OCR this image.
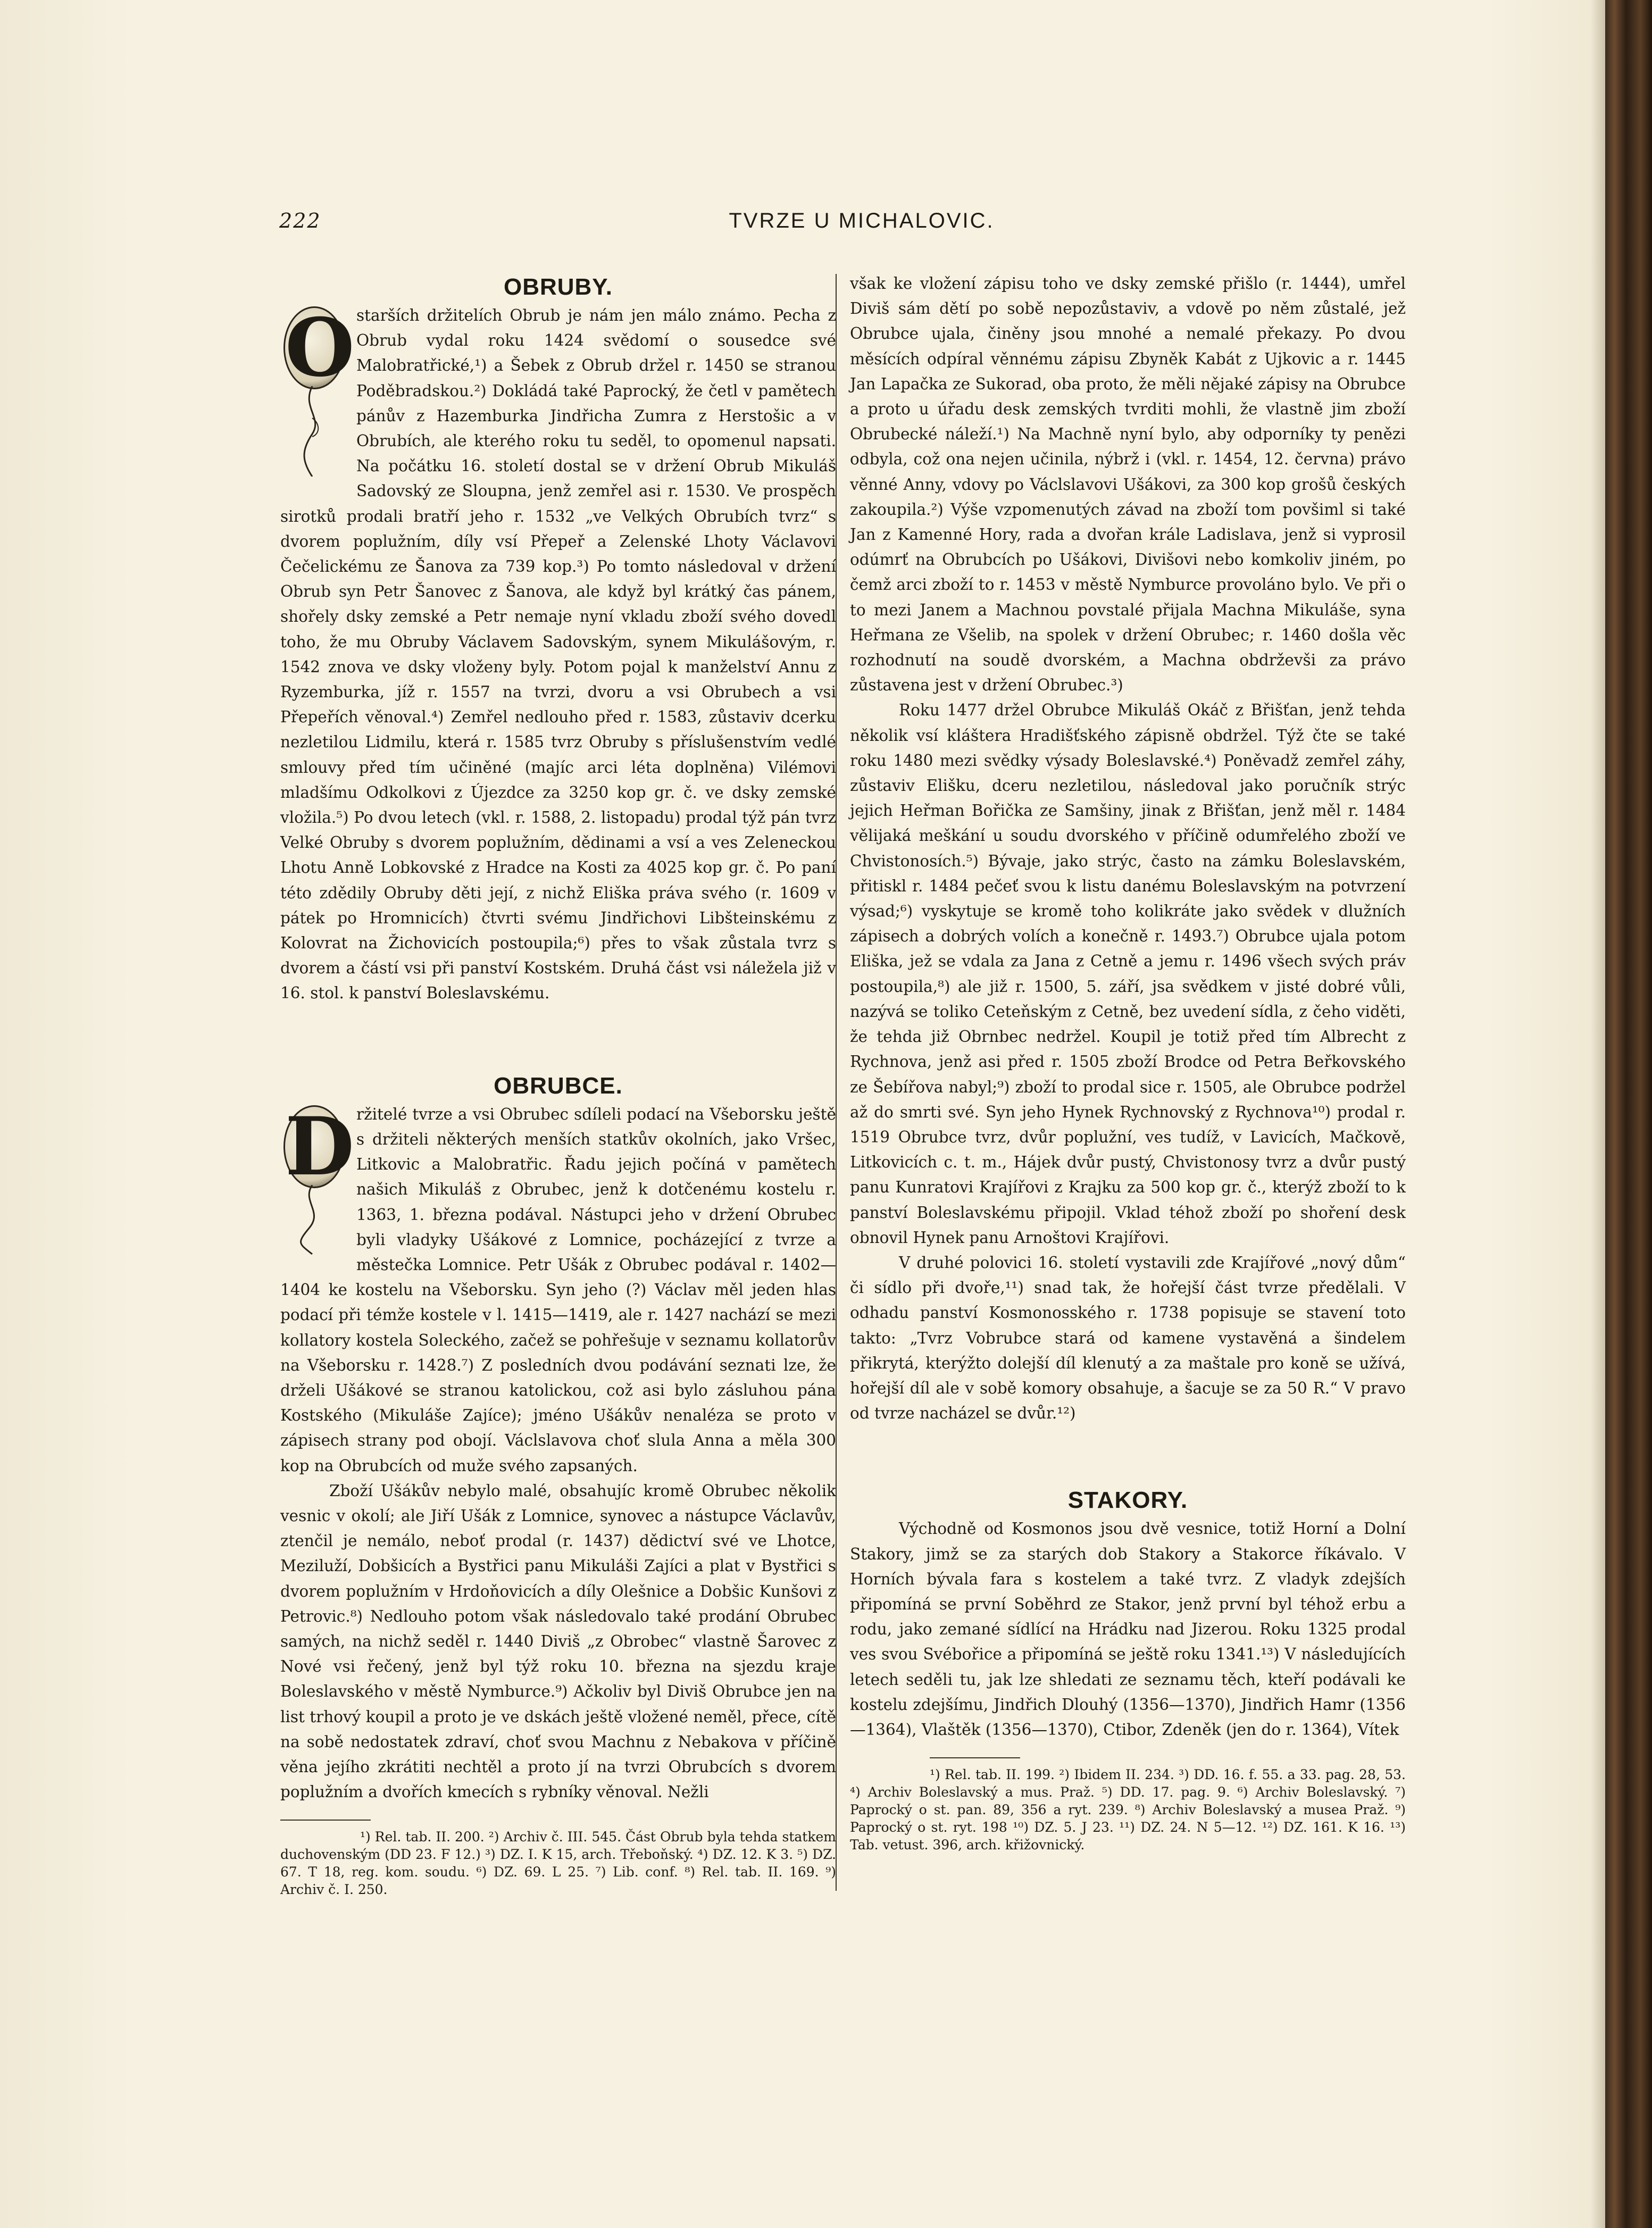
222	TVRZE U MICHALOVIC.
OBRUBY.

O starších držitelích Obrub je nám jen málo známo. Pecha z Obrub vydal roku 1424 svědomí o sousedce své Malobratřické,¹) a Šebek z Obrub držel r. 1450 se stranou Poděbradskou.²) Dokládá také Paprocký, že četl v pamětech pánův z Hazemburka Jindřicha Zumra z Herstošic a v Obrubích, ale kterého roku tu seděl, to opomenul napsati. Na počátku 16. století dostal se v držení Obrub Mikuláš Sadovský ze Sloupna, jenž zemřel asi r. 1530. Ve prospěch sirotků prodali bratří jeho r. 1532 „ve Velkých Obrubích tvrz“ s dvorem poplužním, díly vsí Přepeř a Zelenské Lhoty Václavovi Čečelickému ze Šanova za 739 kop.³) Po tomto následoval v držení Obrub syn Petr Šanovec z Šanova, ale když byl krátký čas pánem, shořely dsky zemské a Petr nemaje nyní vkladu zboží svého dovedl toho, že mu Obruby Václavem Sadovským, synem Mikulášovým, r. 1542 znova ve dsky vloženy byly. Potom pojal k manželství Annu z Ryzemburka, jíž r. 1557 na tvrzi, dvoru a vsi Obrubech a vsi Přepeřích věnoval.⁴) Zemřel nedlouho před r. 1583, zůstaviv dcerku nezletilou Lidmilu, která r. 1585 tvrz Obruby s příslušenstvím vedlé smlouvy před tím učiněné (majíc arci léta doplněna) Vilémovi mladšímu Odkolkovi z Újezdce za 3250 kop gr. č. ve dsky zemské vložila.⁵) Po dvou letech (vkl. r. 1588, 2. listopadu) prodal týž pán tvrz Velké Obruby s dvorem poplužním, dědinami a vsí a ves Zeleneckou Lhotu Anně Lobkovské z Hradce na Kosti za 4025 kop gr. č. Po paní této zdědily Obruby děti její, z nichž Eliška práva svého (r. 1609 v pátek po Hromnicích) čtvrti svému Jindřichovi Libšteinskému z Kolovrat na Žichovicích postoupila;⁶) přes to však zůstala tvrz s dvorem a částí vsi při panství Kostském. Druhá část vsi náležela již v 16. stol. k panství Boleslavskému.

OBRUBCE.

D ržitelé tvrze a vsi Obrubec sdíleli podací na Všeborsku ještě s držiteli některých menších statkův okolních, jako Vršec, Litkovic a Malobratřic. Řadu jejich počíná v pamětech našich Mikuláš z Obrubec, jenž k dotčenému kostelu r. 1363, 1. března podával. Nástupci jeho v držení Obrubec byli vladyky Ušákové z Lomnice, pocházející z tvrze a městečka Lomnice. Petr Ušák z Obrubec podával r. 1402—1404 ke kostelu na Všeborsku. Syn jeho (?) Václav měl jeden hlas podací při témže kostele v l. 1415—1419, ale r. 1427 nachází se mezi kollatory kostela Soleckého, začež se pohřešuje v seznamu kollatorův na Všeborsku r. 1428.⁷) Z posledních dvou podávání seznati lze, že drželi Ušákové se stranou katolickou, což asi bylo zásluhou pána Kostského (Mikuláše Zajíce); jméno Ušákův nenaléza se proto v zápisech strany pod obojí. Václslavova choť slula Anna a měla 300 kop na Obrubcích od muže svého zapsaných.

Zboží Ušákův nebylo malé, obsahujíc kromě Obrubec několik vesnic v okolí; ale Jiří Ušák z Lomnice, synovec a nástupce Václavův, ztenčil je nemálo, neboť prodal (r. 1437) dědictví své ve Lhotce, Meziluží, Dobšicích a Bystřici panu Mikuláši Zajíci a plat v Bystřici s dvorem poplužním v Hrdoňovicích a díly Olešnice a Dobšic Kunšovi z Petrovic.⁸) Nedlouho potom však následovalo také prodání Obrubec samých, na nichž seděl r. 1440 Diviš „z Obrobec“ vlastně Šarovec z Nové vsi řečený, jenž byl týž roku 10. března na sjezdu kraje Boleslavského v městě Nymburce.⁹) Ačkoliv byl Diviš Obrubce jen na list trhový koupil a proto je ve dskách ještě vložené neměl, přece, cítě na sobě nedostatek zdraví, choť svou Machnu z Nebakova v příčině věna jejího zkrátiti nechtěl a proto jí na tvrzi Obrubcích s dvorem poplužním a dvořích kmecích s rybníky věnoval. Nežli

¹) Rel. tab. II. 200. ²) Archiv č. III. 545. Část Obrub byla tehda statkem duchovenským (DD 23. F 12.) ³) DZ. I. K 15, arch. Třeboňský. ⁴) DZ. 12. K 3. ⁵) DZ. 67. T 18, reg. kom. soudu. ⁶) DZ. 69. L 25. ⁷) Lib. conf. ⁸) Rel. tab. II. 169. ⁹) Archiv č. I. 250.

však ke vložení zápisu toho ve dsky zemské přišlo (r. 1444), umřel Diviš sám dětí po sobě nepozůstaviv, a vdově po něm zůstalé, jež Obrubce ujala, činěny jsou mnohé a nemalé překazy. Po dvou měsících odpíral věnnému zápisu Zbyněk Kabát z Ujkovic a r. 1445 Jan Lapačka ze Sukorad, oba proto, že měli nějaké zápisy na Obrubce a proto u úřadu desk zemských tvrditi mohli, že vlastně jim zboží Obrubecké náleží.¹) Na Machně nyní bylo, aby odporníky ty penězi odbyla, což ona nejen učinila, nýbrž i (vkl. r. 1454, 12. června) právo věnné Anny, vdovy po Václslavovi Ušákovi, za 300 kop grošů českých zakoupila.²) Výše vzpomenutých závad na zboží tom povšiml si také Jan z Kamenné Hory, rada a dvořan krále Ladislava, jenž si vyprosil odúmrť na Obrubcích po Ušákovi, Divišovi nebo komkoliv jiném, po čemž arci zboží to r. 1453 v městě Nymburce provoláno bylo. Ve při o to mezi Janem a Machnou povstalé přijala Machna Mikuláše, syna Heřmana ze Všelib, na spolek v držení Obrubec; r. 1460 došla věc rozhodnutí na soudě dvorském, a Machna obdrževši za právo zůstavena jest v držení Obrubec.³)

Roku 1477 držel Obrubce Mikuláš Okáč z Břišťan, jenž tehda několik vsí kláštera Hradišťského zápisně obdržel. Týž čte se také roku 1480 mezi svědky výsady Boleslavské.⁴) Poněvadž zemřel záhy, zůstaviv Elišku, dceru nezletilou, následoval jako poručník strýc jejich Heřman Bořička ze Samšiny, jinak z Břišťan, jenž měl r. 1484 vělijaká meškání u soudu dvorského v příčině odumřelého zboží ve Chvistonosích.⁵) Bývaje, jako strýc, často na zámku Boleslavském, přitiskl r. 1484 pečeť svou k listu danému Boleslavským na potvrzení výsad;⁶) vyskytuje se kromě toho kolikráte jako svědek v dlužních zápisech a dobrých volích a konečně r. 1493.⁷) Obrubce ujala potom Eliška, jež se vdala za Jana z Cetně a jemu r. 1496 všech svých práv postoupila,⁸) ale již r. 1500, 5. září, jsa svědkem v jisté dobré vůli, nazývá se toliko Ceteňským z Cetně, bez uvedení sídla, z čeho viděti, že tehda již Obrnbec nedržel. Koupil je totiž před tím Albrecht z Rychnova, jenž asi před r. 1505 zboží Brodce od Petra Beřkovského ze Šebířova nabyl;⁹) zboží to prodal sice r. 1505, ale Obrubce podržel až do smrti své. Syn jeho Hynek Rychnovský z Rychnova¹⁰) prodal r. 1519 Obrubce tvrz, dvůr poplužní, ves tudíž, v Lavicích, Mačkově, Litkovicích c. t. m., Hájek dvůr pustý, Chvistonosy tvrz a dvůr pustý panu Kunratovi Krajířovi z Krajku za 500 kop gr. č., kterýž zboží to k panství Boleslavskému připojil. Vklad téhož zboží po shoření desk obnovil Hynek panu Arnoštovi Krajířovi.

V druhé polovici 16. století vystavili zde Krajířové „nový dům“ či sídlo při dvoře,¹¹) snad tak, že hořejší část tvrze předělali. V odhadu panství Kosmonosského r. 1738 popisuje se stavení toto takto: „Tvrz Vobrubce stará od kamene vystavěná a šindelem přikrytá, kterýžto dolejší díl klenutý a za maštale pro koně se užívá, hořejší díl ale v sobě komory obsahuje, a šacuje se za 50 R.“ V pravo od tvrze nacházel se dvůr.¹²)

STAKORY.

Východně od Kosmonos jsou dvě vesnice, totiž Horní a Dolní Stakory, jimž se za starých dob Stakory a Stakorce říkávalo. V Horních bývala fara s kostelem a také tvrz. Z vladyk zdejších připomíná se první Soběhrd ze Stakor, jenž první byl téhož erbu a rodu, jako zemané sídlící na Hrádku nad Jizerou. Roku 1325 prodal ves svou Svébořice a připomíná se ještě roku 1341.¹³) V následujících letech seděli tu, jak lze shledati ze seznamu těch, kteří podávali ke kostelu zdejšímu, Jindřich Dlouhý (1356—1370), Jindřich Hamr (1356—1364), Vlaštěk (1356—1370), Ctibor, Zdeněk (jen do r. 1364), Vítek

¹) Rel. tab. II. 199. ²) Ibidem II. 234. ³) DD. 16. f. 55. a 33. pag. 28, 53. ⁴) Archiv Boleslavský a mus. Praž. ⁵) DD. 17. pag. 9. ⁶) Archiv Boleslavský. ⁷) Paprocký o st. pan. 89, 356 a ryt. 239. ⁸) Archiv Boleslavský a musea Praž. ⁹) Paprocký o st. ryt. 198 ¹⁰) DZ. 5. J 23. ¹¹) DZ. 24. N 5—12. ¹²) DZ. 161. K 16. ¹³) Tab. vetust. 396, arch. křižovnický.
